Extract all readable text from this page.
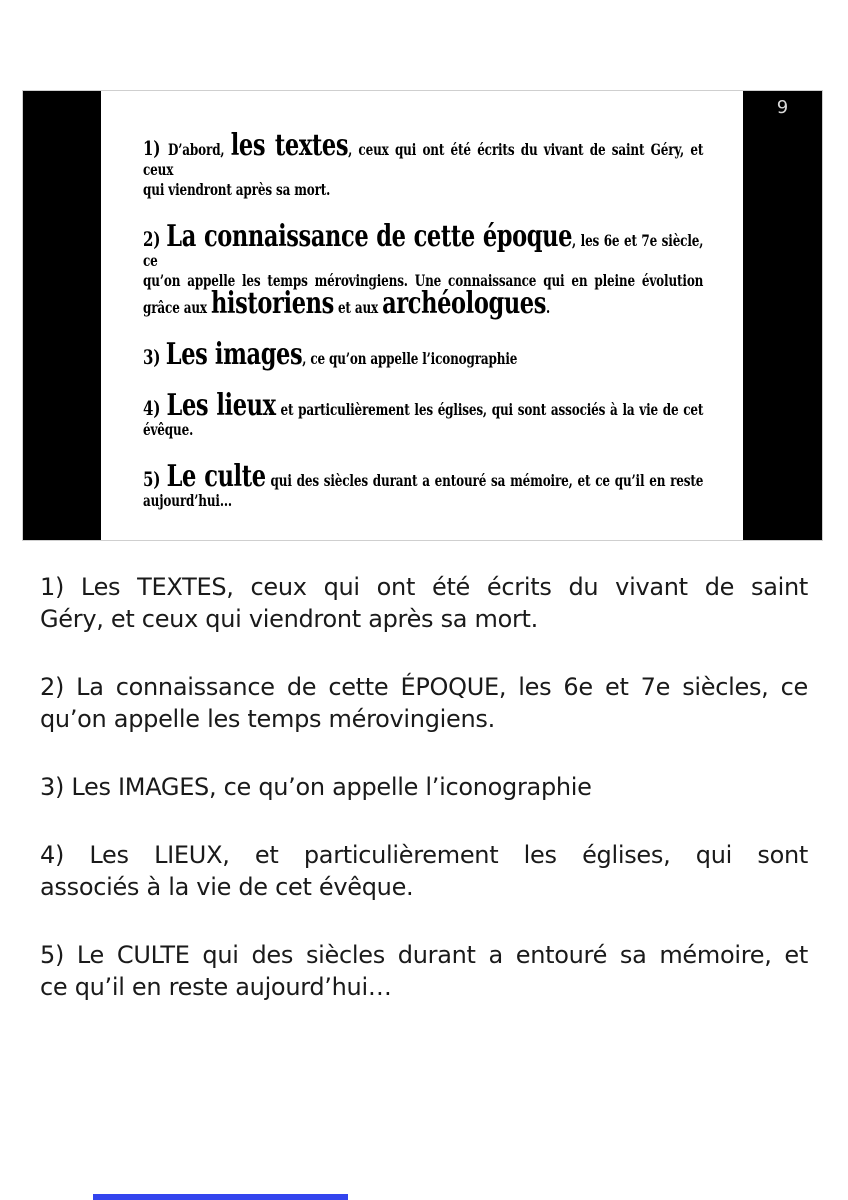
1) D’abord, les textes, ceux qui ont été écrits du vivant de saint Géry, et ceux
qui viendront après sa mort.
2) La connaissance de cette époque, les 6e et 7e siècle, ce
qu’on appelle les temps mérovingiens. Une connaissance qui en pleine évolution
grâce aux historiens et aux archéologues.
3) Les images, ce qu’on appelle l’iconographie
4) Les lieux et particulièrement les églises, qui sont associés à la vie de cet
évêque.
5) Le culte qui des siècles durant a entouré sa mémoire, et ce qu’il en reste
aujourd’hui...
9
1) Les TEXTES, ceux qui ont été écrits du vivant de saint
Géry, et ceux qui viendront après sa mort.
2) La connaissance de cette ÉPOQUE, les 6e et 7e siècles, ce
qu’on appelle les temps mérovingiens.
3) Les IMAGES, ce qu’on appelle l’iconographie
4) Les LIEUX, et particulièrement les églises, qui sont
associés à la vie de cet évêque.
5) Le CULTE qui des siècles durant a entouré sa mémoire, et
ce qu’il en reste aujourd’hui…
